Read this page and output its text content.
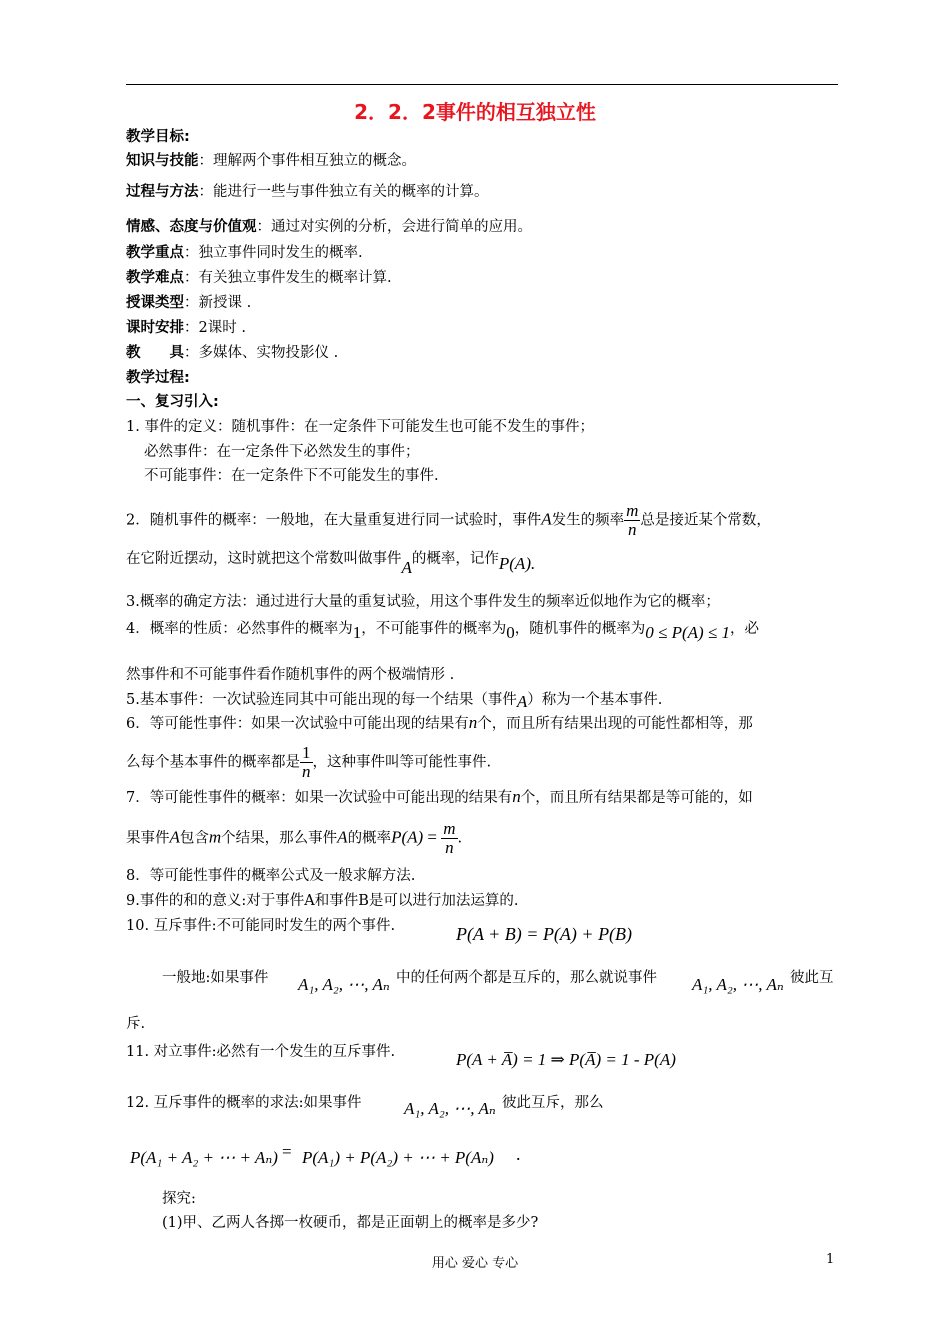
2．2．2事件的相互独立性
教学目标:
知识与技能：理解两个事件相互独立的概念。
过程与方法：能进行一些与事件独立有关的概率的计算。
情感、态度与价值观：通过对实例的分析，会进行简单的应用。
教学重点：独立事件同时发生的概率.
教学难点：有关独立事件发生的概率计算.
授课类型：新授课 .
课时安排：2课时 .
教　　具：多媒体、实物投影仪 .
教学过程:
一、复习引入:
1. 事件的定义：随机事件：在一定条件下可能发生也可能不发生的事件；
必然事件：在一定条件下必然发生的事件；
不可能事件：在一定条件下不可能发生的事件.
2．随机事件的概率：一般地，在大量重复进行同一试验时，事件A发生的频率 $\frac{m}{n}$ 总是接近某个常数，
在它附近摆动，这时就把这个常数叫做事件A的概率，记作P(A).
3.概率的确定方法：通过进行大量的重复试验，用这个事件发生的频率近似地作为它的概率；
4．概率的性质：必然事件的概率为1，不可能事件的概率为0，随机事件的概率为0 ≤ P(A) ≤ 1，必
然事件和不可能事件看作随机事件的两个极端情形 .
5.基本事件：一次试验连同其中可能出现的每一个结果（事件A）称为一个基本事件.
6．等可能性事件：如果一次试验中可能出现的结果有n个，而且所有结果出现的可能性都相等，那
么每个基本事件的概率都是 $\frac{1}{n}$ ，这种事件叫等可能性事件.
7．等可能性事件的概率：如果一次试验中可能出现的结果有n个，而且所有结果都是等可能的，如
果事件A包含m个结果，那么事件A的概率$P(A) = \frac{m}{n}$ .
8．等可能性事件的概率公式及一般求解方法.
9.事件的和的意义:对于事件A和事件B是可以进行加法运算的.
10. 互斥事件:不可能同时发生的两个事件.	P(A + B) = P(A) + P(B)
一般地:如果事件 A₁, A₂, ⋯, Aₙ 中的任何两个都是互斥的，那么就说事件 A₁, A₂, ⋯, Aₙ 彼此互
斥.
11. 对立事件:必然有一个发生的互斥事件.	P(A + A̅) = 1 ⇒ P(A̅) = 1 - P(A)
12. 互斥事件的概率的求法:如果事件 A₁, A₂, ⋯, Aₙ 彼此互斥，那么
P(A₁ + A₂ + ⋯ + Aₙ) = P(A₁) + P(A₂) + ⋯ + P(Aₙ) .
探究:
(1)甲、乙两人各掷一枚硬币，都是正面朝上的概率是多少?
用心 爱心 专心	1
